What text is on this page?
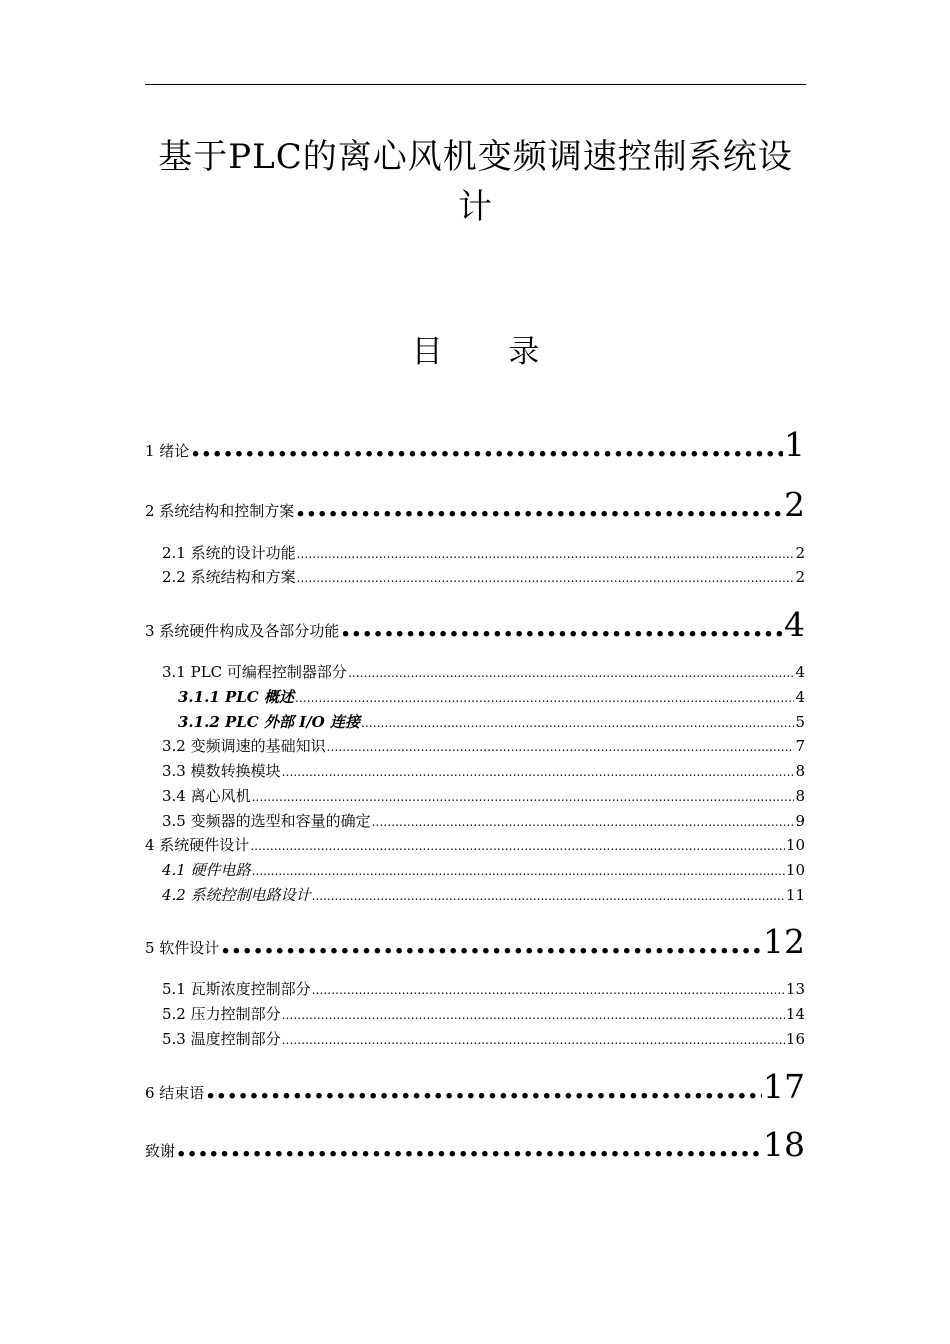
基于PLC的离心风机变频调速控制系统设
计
目 录
1 绪论 .....	1
2 系统结构和控制方案 .....	2
2.1 系统的设计功能 .....	2
2.2 系统结构和方案 .....	2
3 系统硬件构成及各部分功能 .....	4
3.1 PLC 可编程控制器部分 .....	4
3.1.1 PLC 概述 .....	4
3.1.2 PLC 外部 I/O 连接 .....	5
3.2 变频调速的基础知识 .....	7
3.3 模数转换模块 .....	8
3.4 离心风机 .....	8
3.5 变频器的选型和容量的确定 .....	9
4 系统硬件设计 .....	10
4.1 硬件电路 .....	10
4.2 系统控制电路设计 .....	11
5 软件设计 .....	12
5.1 瓦斯浓度控制部分 .....	13
5.2 压力控制部分 .....	14
5.3 温度控制部分 .....	16
6 结束语 .....	17
致谢 .....	18
